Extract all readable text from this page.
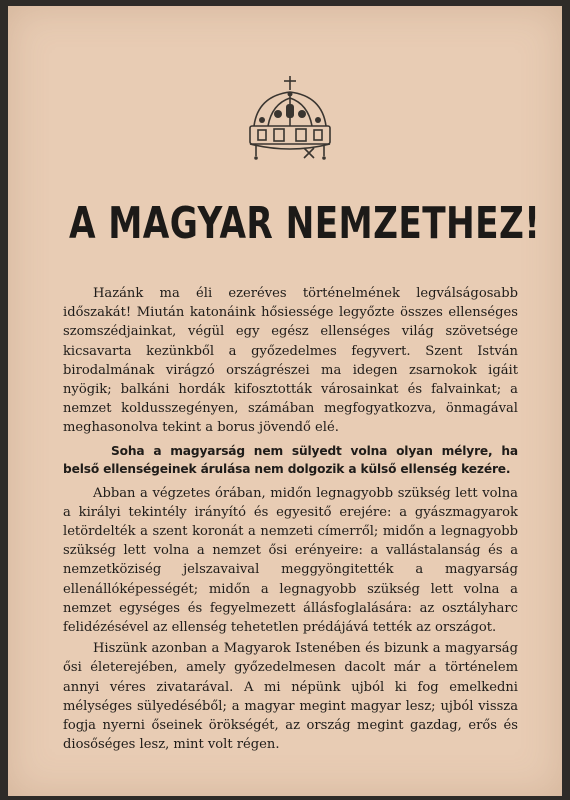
A MAGYAR NEMZETHEZ!

Hazánk ma éli ezeréves történelmének legválságosabb időszakát! Miután katonáink hősiessége legyőzte összes ellenséges szomszédjainkat, végül egy egész ellenséges világ szövetsége kicsavarta kezünkből a győzedelmes fegyvert. Szent István birodalmának virágzó országrészei ma idegen zsarnokok igáit nyögik; balkáni hordák kifosztották városainkat és falvainkat; a nemzet koldusszegényen, számában megfogyatkozva, önmagával meghasonolva tekint a borus jövendő elé.

Soha a magyarság nem sülyedt volna olyan mélyre, ha belső ellenségeinek árulása nem dolgozik a külső ellenség kezére.

Abban a végzetes órában, midőn legnagyobb szükség lett volna a királyi tekintély irányító és egyesitő erejére: a gyászmagyarok letördelték a szent koronát a nemzeti címerről; midőn a legnagyobb szükség lett volna a nemzet ősi erényeire: a vallástalanság és a nemzetköziség jelszavaival meggyöngitették a magyarság ellenállóképességét; midőn a legnagyobb szükség lett volna a nemzet egységes és fegyelmezett állásfoglalására: az osztályharc felidézésével az ellenség tehetetlen prédájává tették az országot.

Hiszünk azonban a Magyarok Istenében és bizunk a magyarság ősi életerejében, amely győzedelmesen dacolt már a történelem annyi véres zivatarával. A mi népünk ujból ki fog emelkedni mélységes sülyedéséből; a magyar megint magyar lesz; ujból vissza fogja nyerni őseinek örökségét, az ország megint gazdag, erős és diosőséges lesz, mint volt régen.
